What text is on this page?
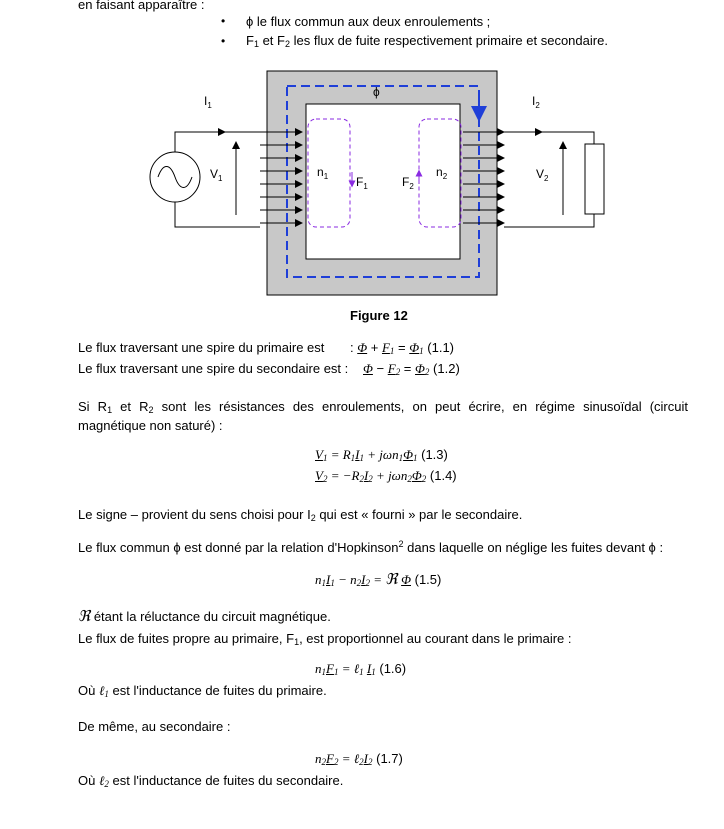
en faisant apparaître :
• ϕ le flux commun aux deux enroulements ;
• $F_1$ et $F_2$ les flux de fuite respectivement primaire et secondaire.
$I_1$	$I_2$
$V_1$	$V_2$
$n_1$	$n_2$
$F_1$	$F_2$
ϕ
Figure 12
Le flux traversant une spire du primaire est : $\Phi + F_1 = \Phi_1$ (1.1)
Le flux traversant une spire du secondaire est : $\Phi - F_2 = \Phi_2$ (1.2)
Si $R_1$ et $R_2$ sont les résistances des enroulements, on peut écrire, en régime sinusoïdal (circuit magnétique non saturé) :
$V_1 = R_1I_1 + j\omega n_1\Phi_1$ (1.3)
$V_2 = -R_2I_2 + j\omega n_2\Phi_2$ (1.4)
Le signe – provient du sens choisi pour $I_2$ qui est « fourni » par le secondaire.
Le flux commun ϕ est donné par la relation d'Hopkinson$^2$ dans laquelle on néglige les fuites devant ϕ :
$n_1I_1 - n_2I_2$ = ℜ Φ (1.5)
ℜ étant la réluctance du circuit magnétique.
Le flux de fuites propre au primaire, $F_1$, est proportionnel au courant dans le primaire :
$n_1F_1$ = ℓ$_1$ $I_1$ (1.6)
Où ℓ$_1$ est l'inductance de fuites du primaire.
De même, au secondaire :
$n_2F_2$ = $\ell_2I_2$ (1.7)
Où ℓ$_2$ est l'inductance de fuites du secondaire.
